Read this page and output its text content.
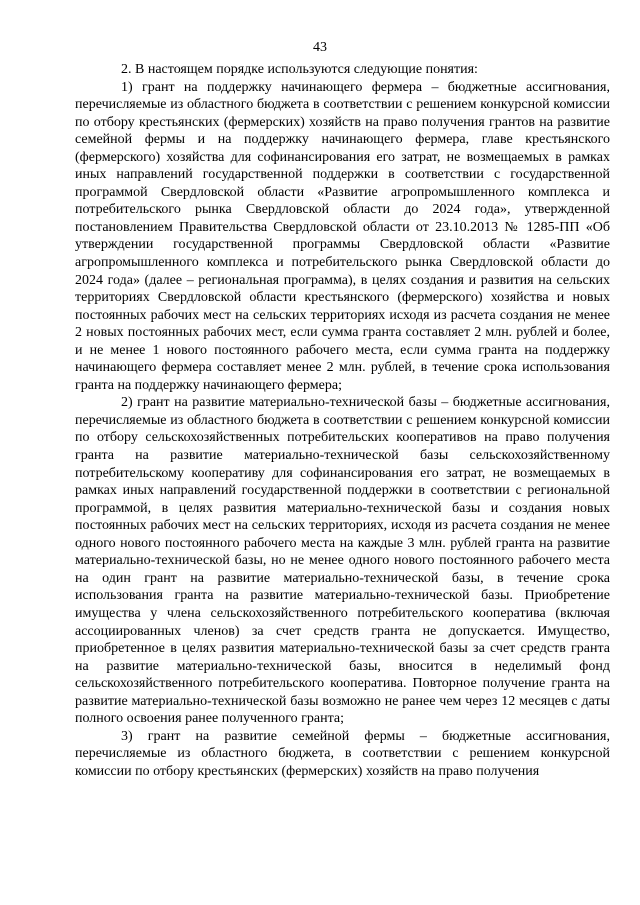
43

2. В настоящем порядке используются следующие понятия:

1) грант на поддержку начинающего фермера – бюджетные ассигнования, перечисляемые из областного бюджета в соответствии с решением конкурсной комиссии по отбору крестьянских (фермерских) хозяйств на право получения грантов на развитие семейной фермы и на поддержку начинающего фермера, главе крестьянского (фермерского) хозяйства для софинансирования его затрат, не возмещаемых в рамках иных направлений государственной поддержки в соответствии с государственной программой Свердловской области «Развитие агропромышленного комплекса и потребительского рынка Свердловской области до 2024 года», утвержденной постановлением Правительства Свердловской области от 23.10.2013 № 1285-ПП «Об утверждении государственной программы Свердловской области «Развитие агропромышленного комплекса и потребительского рынка Свердловской области до 2024 года» (далее – региональная программа), в целях создания и развития на сельских территориях Свердловской области крестьянского (фермерского) хозяйства и новых постоянных рабочих мест на сельских территориях исходя из расчета создания не менее 2 новых постоянных рабочих мест, если сумма гранта составляет 2 млн. рублей и более, и не менее 1 нового постоянного рабочего места, если сумма гранта на поддержку начинающего фермера составляет менее 2 млн. рублей, в течение срока использования гранта на поддержку начинающего фермера;

2) грант на развитие материально-технической базы – бюджетные ассигнования, перечисляемые из областного бюджета в соответствии с решением конкурсной комиссии по отбору сельскохозяйственных потребительских кооперативов на право получения гранта на развитие материально-технической базы сельскохозяйственному потребительскому кооперативу для софинансирования его затрат, не возмещаемых в рамках иных направлений государственной поддержки в соответствии с региональной программой, в целях развития материально-технической базы и создания новых постоянных рабочих мест на сельских территориях, исходя из расчета создания не менее одного нового постоянного рабочего места на каждые 3 млн. рублей гранта на развитие материально-технической базы, но не менее одного нового постоянного рабочего места на один грант на развитие материально-технической базы, в течение срока использования гранта на развитие материально-технической базы. Приобретение имущества у члена сельскохозяйственного потребительского кооператива (включая ассоциированных членов) за счет средств гранта не допускается. Имущество, приобретенное в целях развития материально-технической базы за счет средств гранта на развитие материально-технической базы, вносится в неделимый фонд сельскохозяйственного потребительского кооператива. Повторное получение гранта на развитие материально-технической базы возможно не ранее чем через 12 месяцев с даты полного освоения ранее полученного гранта;

3) грант на развитие семейной фермы – бюджетные ассигнования, перечисляемые из областного бюджета, в соответствии с решением конкурсной комиссии по отбору крестьянских (фермерских) хозяйств на право получения
